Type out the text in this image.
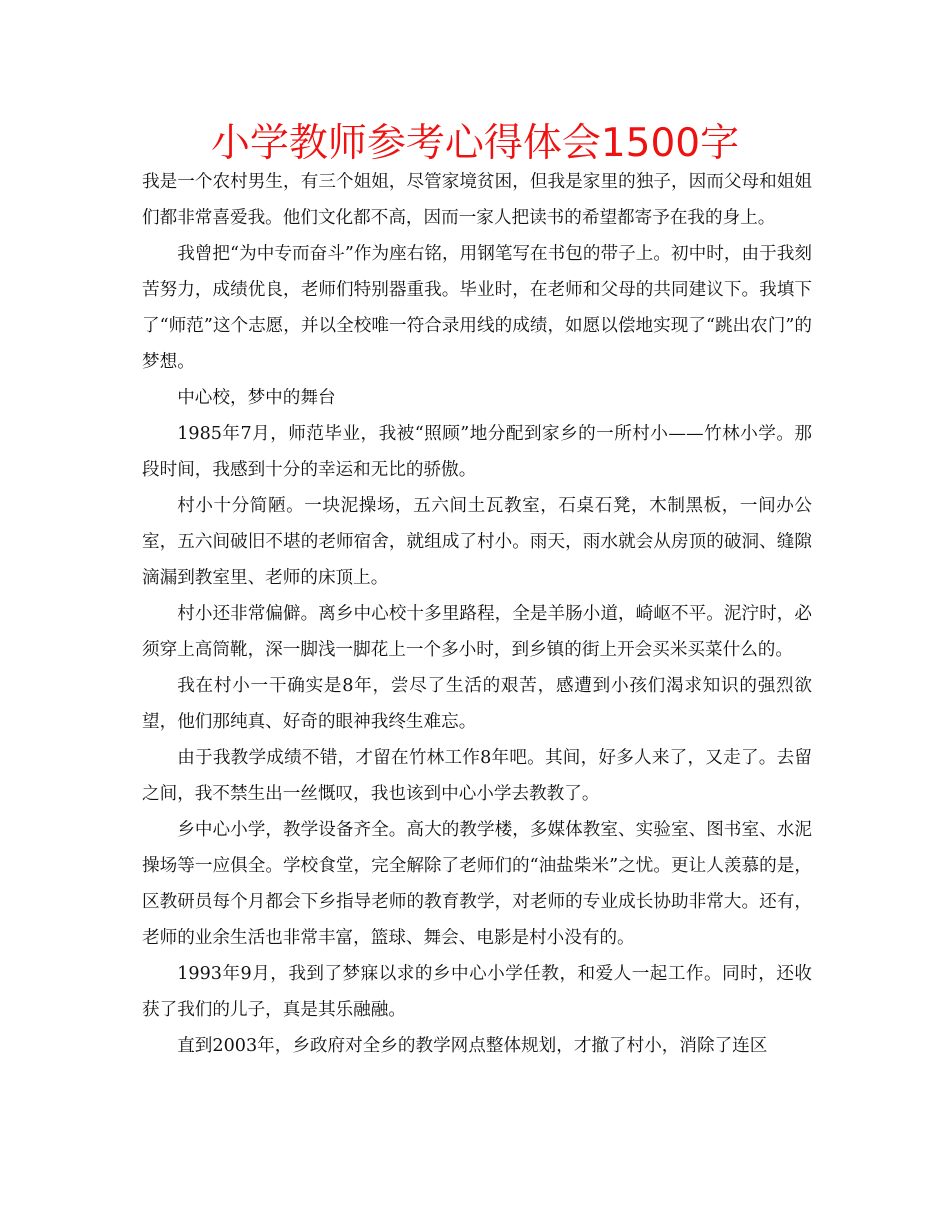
小学教师参考心得体会1500字

我是一个农村男生，有三个姐姐，尽管家境贫困，但我是家里的独子，因而父母和姐姐们都非常喜爱我。他们文化都不高，因而一家人把读书的希望都寄予在我的身上。

我曾把“为中专而奋斗”作为座右铭，用钢笔写在书包的带子上。初中时，由于我刻苦努力，成绩优良，老师们特别器重我。毕业时，在老师和父母的共同建议下。我填下了“师范”这个志愿，并以全校唯一符合录用线的成绩，如愿以偿地实现了“跳出农门”的梦想。

中心校，梦中的舞台

1985年7月，师范毕业，我被“照顾”地分配到家乡的一所村小——竹林小学。那段时间，我感到十分的幸运和无比的骄傲。

村小十分简陋。一块泥操场，五六间土瓦教室，石桌石凳，木制黑板，一间办公室，五六间破旧不堪的老师宿舍，就组成了村小。雨天，雨水就会从房顶的破洞、缝隙滴漏到教室里、老师的床顶上。

村小还非常偏僻。离乡中心校十多里路程，全是羊肠小道，崎岖不平。泥泞时，必须穿上高筒靴，深一脚浅一脚花上一个多小时，到乡镇的街上开会买米买菜什么的。

我在村小一干确实是8年，尝尽了生活的艰苦，感遭到小孩们渴求知识的强烈欲望，他们那纯真、好奇的眼神我终生难忘。

由于我教学成绩不错，才留在竹林工作8年吧。其间，好多人来了，又走了。去留之间，我不禁生出一丝慨叹，我也该到中心小学去教教了。

乡中心小学，教学设备齐全。高大的教学楼，多媒体教室、实验室、图书室、水泥操场等一应俱全。学校食堂，完全解除了老师们的“油盐柴米”之忧。更让人羡慕的是，区教研员每个月都会下乡指导老师的教育教学，对老师的专业成长协助非常大。还有，老师的业余生活也非常丰富，篮球、舞会、电影是村小没有的。

1993年9月，我到了梦寐以求的乡中心小学任教，和爱人一起工作。同时，还收获了我们的儿子，真是其乐融融。

直到2003年，乡政府对全乡的教学网点整体规划，才撤了村小，消除了连区
